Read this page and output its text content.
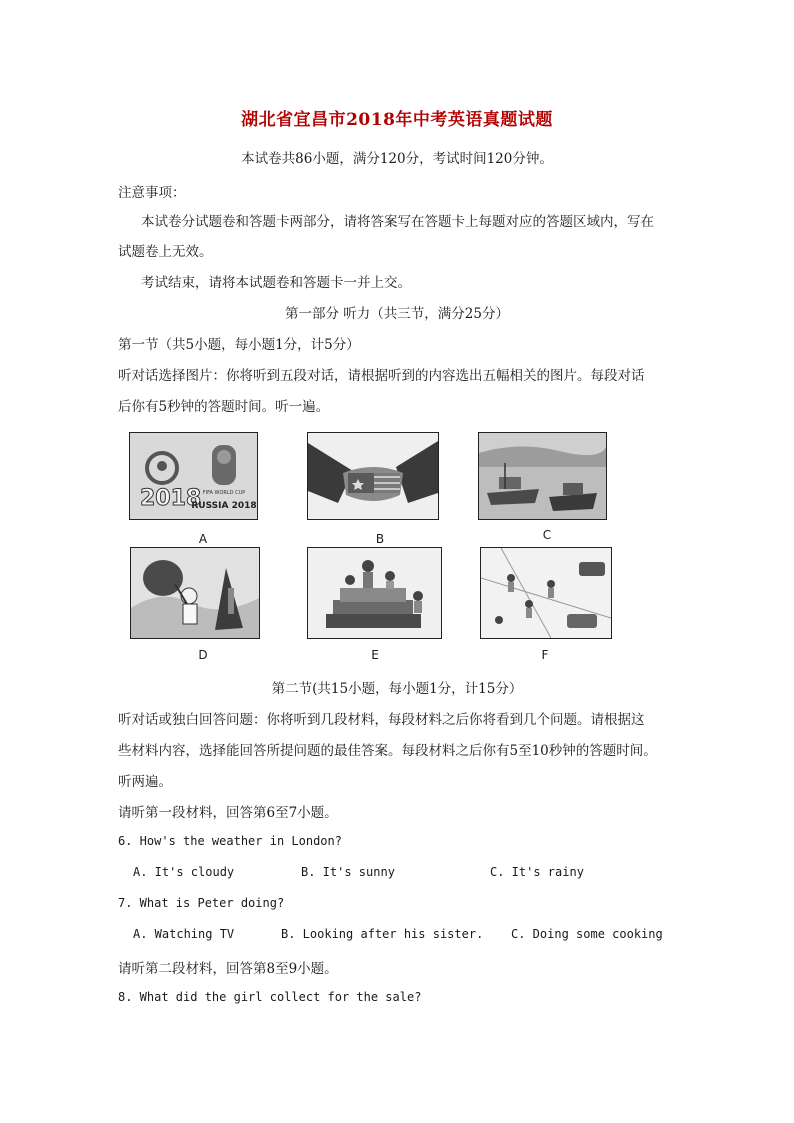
湖北省宜昌市2018年中考英语真题试题
本试卷共86小题，满分120分，考试时间120分钟。
注意事项：
本试卷分试题卷和答题卡两部分，请将答案写在答题卡上每题对应的答题区域内，写在
试题卷上无效。
考试结束，请将本试题卷和答题卡一并上交。
第一部分 听力（共三节，满分25分）
第一节（共5小题，每小题1分，计5分）
听对话选择图片：你将听到五段对话，请根据听到的内容选出五幅相关的图片。每段对话
后你有5秒钟的答题时间。听一遍。
2018 FIFA WORLD CUP
RUSSIA 2018
A	B	C
D	E	F
第二节(共15小题，每小题1分，计15分）
听对话或独白回答问题：你将听到几段材料，每段材料之后你将看到几个问题。请根据这
些材料内容，选择能回答所提问题的最佳答案。每段材料之后你有5至10秒钟的答题时间。
听两遍。
请听第一段材料，回答第6至7小题。
6. How's the weather in London?
A. It's cloudy	B. It's sunny	C. It's rainy
7. What is Peter doing?
A. Watching TV	B. Looking after his sister. C. Doing some cooking
请听第二段材料，回答第8至9小题。
8. What did the girl collect for the sale?
